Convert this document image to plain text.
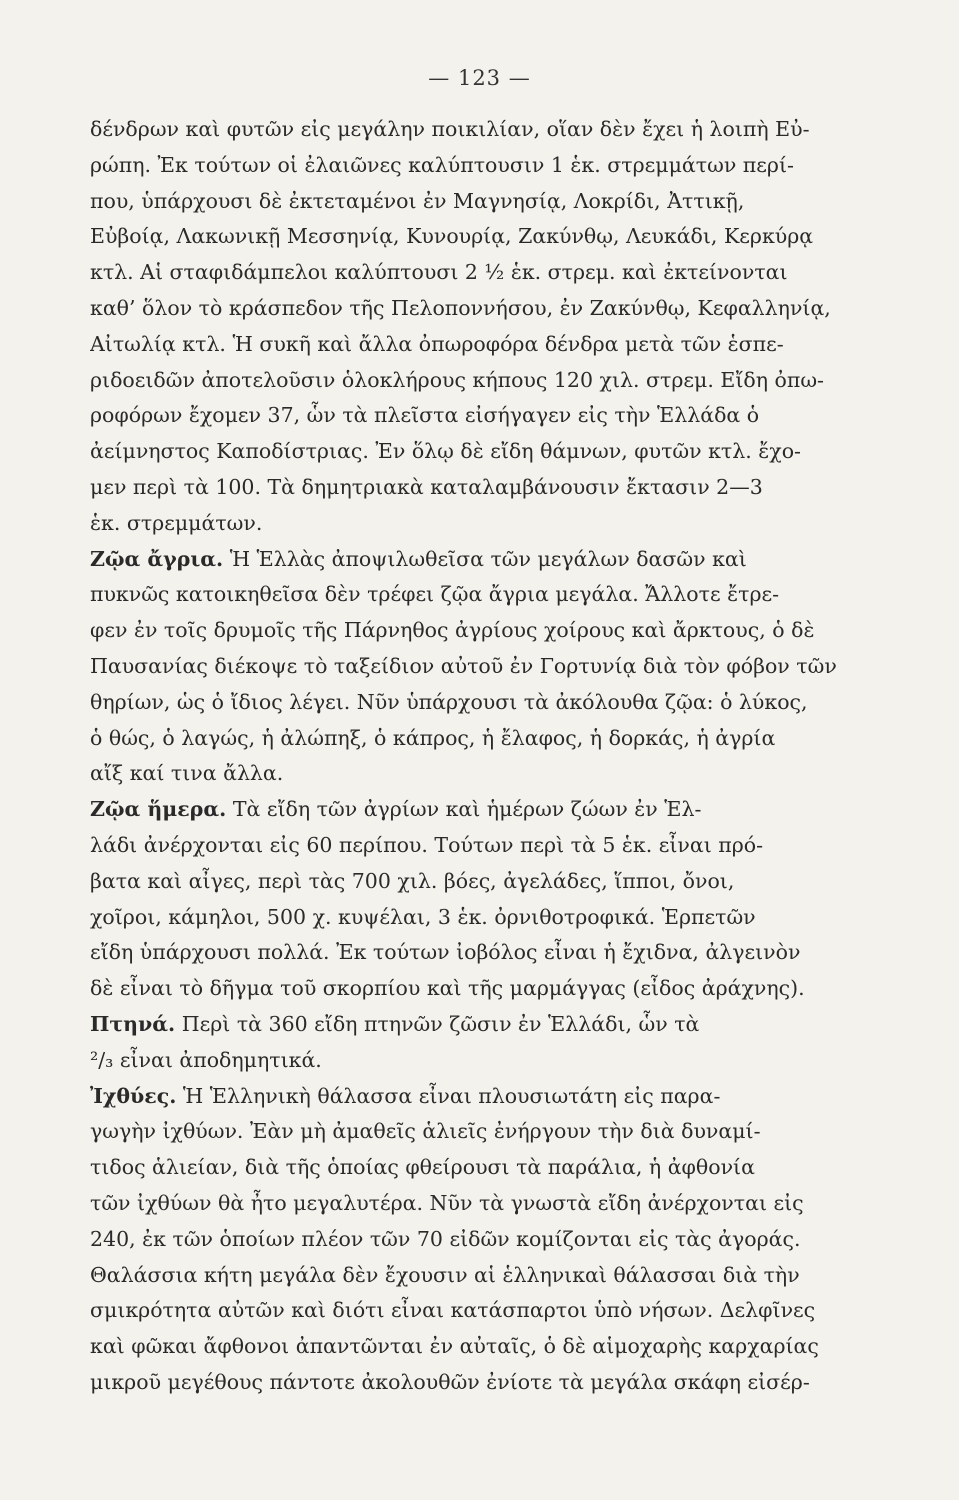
— 123 —
δένδρων καὶ φυτῶν εἰς μεγάλην ποικιλίαν, οἵαν δὲν ἔχει ἡ λοιπὴ Εὐ-
ρώπη. Ἐκ τούτων οἱ ἐλαιῶνες καλύπτουσιν 1 ἑκ. στρεμμάτων περί-
που, ὑπάρχουσι δὲ ἐκτεταμένοι ἐν Μαγνησίᾳ, Λοκρίδι, Ἀττικῇ,
Εὐβοίᾳ, Λακωνικῇ Μεσσηνίᾳ, Κυνουρίᾳ, Ζακύνθῳ, Λευκάδι, Κερκύρᾳ
κτλ. Αἱ σταφιδάμπελοι καλύπτουσι 2 ½ ἑκ. στρεμ. καὶ ἐκτείνονται
καθ’ ὅλον τὸ κράσπεδον τῆς Πελοποννήσου, ἐν Ζακύνθῳ, Κεφαλληνίᾳ,
Αἰτωλίᾳ κτλ. Ἡ συκῆ καὶ ἄλλα ὀπωροφόρα δένδρα μετὰ τῶν ἑσπε-
ριδοειδῶν ἀποτελοῦσιν ὁλοκλήρους κήπους 120 χιλ. στρεμ. Εἴδη ὀπω-
ροφόρων ἔχομεν 37, ὧν τὰ πλεῖστα εἰσήγαγεν εἰς τὴν Ἑλλάδα ὁ
ἀείμνηστος Καποδίστριας. Ἐν ὅλῳ δὲ εἴδη θάμνων, φυτῶν κτλ. ἔχο-
μεν περὶ τὰ 100. Τὰ δημητριακὰ καταλαμβάνουσιν ἔκτασιν 2—3
ἑκ. στρεμμάτων.
Ζῷα ἄγρια. Ἡ Ἑλλὰς ἀποψιλωθεῖσα τῶν μεγάλων δασῶν καὶ
πυκνῶς κατοικηθεῖσα δὲν τρέφει ζῷα ἄγρια μεγάλα. Ἄλλοτε ἔτρε-
φεν ἐν τοῖς δρυμοῖς τῆς Πάρνηθος ἀγρίους χοίρους καὶ ἄρκτους, ὁ δὲ
Παυσανίας διέκοψε τὸ ταξείδιον αὐτοῦ ἐν Γορτυνίᾳ διὰ τὸν φόβον τῶν
θηρίων, ὡς ὁ ἴδιος λέγει. Νῦν ὑπάρχουσι τὰ ἀκόλουθα ζῷα: ὁ λύκος,
ὁ θώς, ὁ λαγώς, ἡ ἀλώπηξ, ὁ κάπρος, ἡ ἔλαφος, ἡ δορκάς, ἡ ἀγρία
αἴξ καί τινα ἄλλα.
Ζῷα ἥμερα. Τὰ εἴδη τῶν ἀγρίων καὶ ἡμέρων ζώων ἐν Ἑλ-
λάδι ἀνέρχονται εἰς 60 περίπου. Τούτων περὶ τὰ 5 ἑκ. εἶναι πρό-
βατα καὶ αἶγες, περὶ τὰς 700 χιλ. βόες, ἀγελάδες, ἵπποι, ὄνοι,
χοῖροι, κάμηλοι, 500 χ. κυψέλαι, 3 ἑκ. ὀρνιθοτροφικά. Ἑρπετῶν
εἴδη ὑπάρχουσι πολλά. Ἐκ τούτων ἰοβόλος εἶναι ἡ ἔχιδνα, ἀλγεινὸν
δὲ εἶναι τὸ δῆγμα τοῦ σκορπίου καὶ τῆς μαρμάγγας (εἶδος ἀράχνης).
Πτηνά. Περὶ τὰ 360 εἴδη πτηνῶν ζῶσιν ἐν Ἑλλάδι, ὧν τὰ
²/₃ εἶναι ἀποδημητικά.
Ἰχθύες. Ἡ Ἑλληνικὴ θάλασσα εἶναι πλουσιωτάτη εἰς παρα-
γωγὴν ἰχθύων. Ἐὰν μὴ ἀμαθεῖς ἁλιεῖς ἐνήργουν τὴν διὰ δυναμί-
τιδος ἁλιείαν, διὰ τῆς ὁποίας φθείρουσι τὰ παράλια, ἡ ἀφθονία
τῶν ἰχθύων θὰ ἦτο μεγαλυτέρα. Νῦν τὰ γνωστὰ εἴδη ἀνέρχονται εἰς
240, ἐκ τῶν ὁποίων πλέον τῶν 70 εἰδῶν κομίζονται εἰς τὰς ἀγοράς.
Θαλάσσια κήτη μεγάλα δὲν ἔχουσιν αἱ ἑλληνικαὶ θάλασσαι διὰ τὴν
σμικρότητα αὐτῶν καὶ διότι εἶναι κατάσπαρτοι ὑπὸ νήσων. Δελφῖνες
καὶ φῶκαι ἄφθονοι ἀπαντῶνται ἐν αὐταῖς, ὁ δὲ αἱμοχαρὴς καρχαρίας
μικροῦ μεγέθους πάντοτε ἀκολουθῶν ἐνίοτε τὰ μεγάλα σκάφη εἰσέρ-
